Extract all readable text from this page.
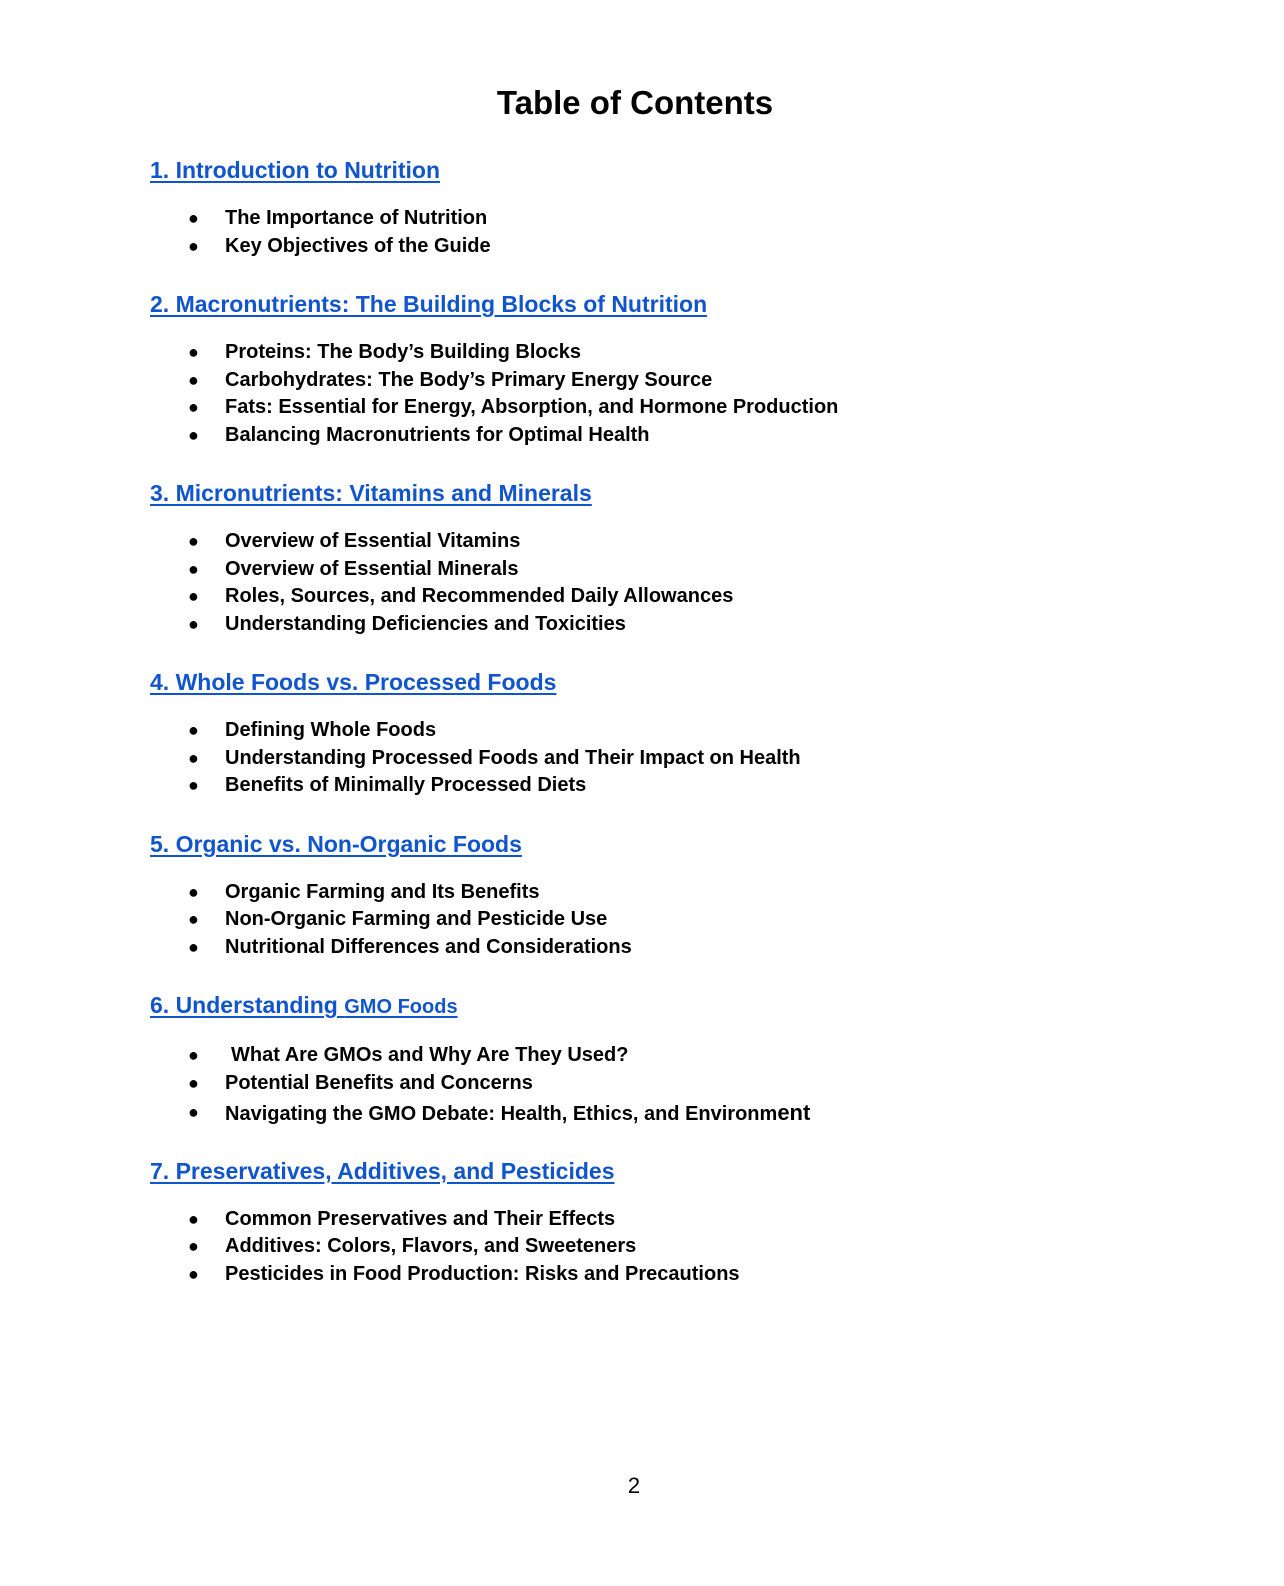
Table of Contents
1. Introduction to Nutrition
● The Importance of Nutrition
● Key Objectives of the Guide
2. Macronutrients: The Building Blocks of Nutrition
● Proteins: The Body’s Building Blocks
● Carbohydrates: The Body’s Primary Energy Source
● Fats: Essential for Energy, Absorption, and Hormone Production
● Balancing Macronutrients for Optimal Health
3. Micronutrients: Vitamins and Minerals
● Overview of Essential Vitamins
● Overview of Essential Minerals
● Roles, Sources, and Recommended Daily Allowances
● Understanding Deficiencies and Toxicities
4. Whole Foods vs. Processed Foods
● Defining Whole Foods
● Understanding Processed Foods and Their Impact on Health
● Benefits of Minimally Processed Diets
5. Organic vs. Non-Organic Foods
● Organic Farming and Its Benefits
● Non-Organic Farming and Pesticide Use
● Nutritional Differences and Considerations
6. Understanding GMO Foods
● What Are GMOs and Why Are They Used?
● Potential Benefits and Concerns
● Navigating the GMO Debate: Health, Ethics, and Environment
7. Preservatives, Additives, and Pesticides
● Common Preservatives and Their Effects
● Additives: Colors, Flavors, and Sweeteners
● Pesticides in Food Production: Risks and Precautions
2
